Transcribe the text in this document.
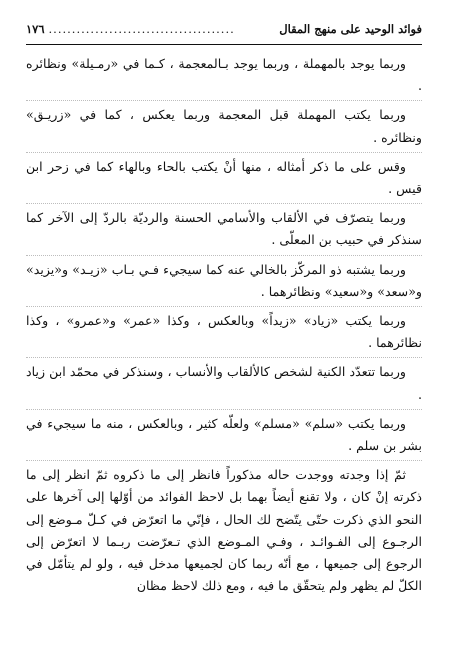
فوائد الوحيد على منهج المقال
........................................
١٧٦

وربما يوجد بالمهملة ، وربما يوجد بـالمعجمة ، كـما في «رمـيلة» ونظائره .

وربما يكتب المهملة قبل المعجمة وربما يعكس ، كما في «زريـق» ونظائره .

وقس على ما ذكر أمثاله ، منها أنْ يكتب بالحاء وبالهاء كما في زحر ابن قيس .

وربما يتصرّف في الألقاب والأسامي الحسنة والرديّة بالردّ إلى الآخر كما سنذكر في حبيب بن المعلّى .

وربما يشتبه ذو المركّز بالخالي عنه كما سيجيء فـي بـاب «زيـد» و«يزيد» و«سعد» و«سعيد» ونظائرهما .

وربما يكتب «زياد» «زيداً» وبالعكس ، وكذا «عمر» و«عمرو» ، وكذا نظائرهما .

وربما تتعدّد الكنية لشخص كالألقاب والأنساب ، وسنذكر في محمّد ابن زياد .

وربما يكتب «سلم» «مسلم» ولعلّه كثير ، وبالعكس ، منه ما سيجيء في بشر بن سلم .

ثمّ إذا وجدته ووجدت حاله مذكوراً فانظر إلى ما ذكروه ثمّ انظر إلى ما ذكرته إنْ كان ، ولا تقنع أيضاً بهما بل لاحظ الفوائد من أوّلها إلى آخرها على النحو الذي ذكرت حتّى يتّضح لك الحال ، فإنّي ما اتعرّض في كـلّ مـوضع إلى الرجـوع إلى الفـوائـد ، وفـي المـوضع الذي تـعرّضت ربـما لا اتعرّض إلى الرجوع إلى جميعها ، مع أنّه ربما كان لجميعها مدخل فيه ، ولو لم يتأمّل في الكلّ لم يظهر ولم يتحقّق ما فيه ، ومع ذلك لاحظ مظان
